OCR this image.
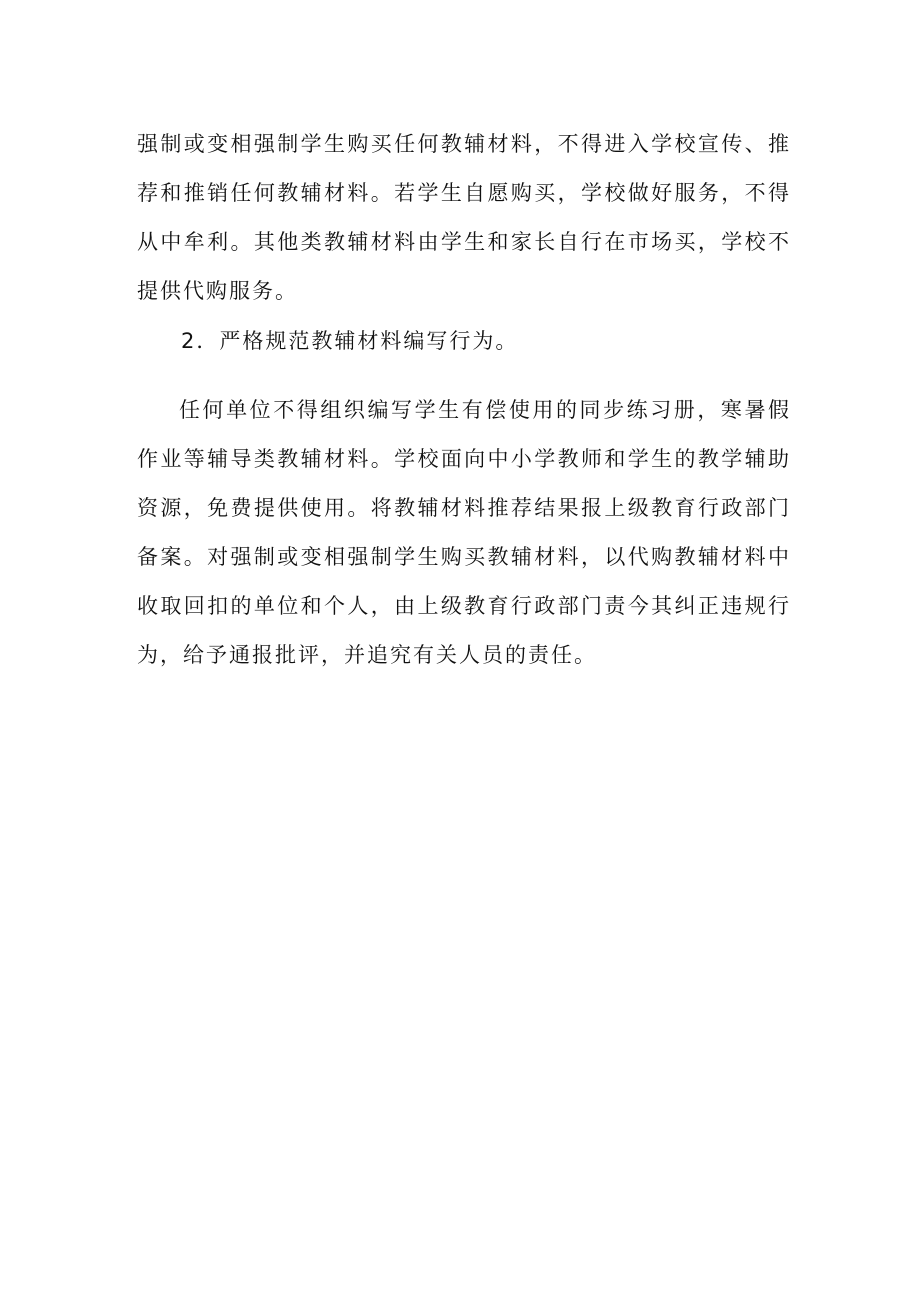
强制或变相强制学生购买任何教辅材料，不得进入学校宣传、推荐和推销任何教辅材料。若学生自愿购买，学校做好服务，不得从中牟利。其他类教辅材料由学生和家长自行在市场买，学校不提供代购服务。

2．严格规范教辅材料编写行为。

任何单位不得组织编写学生有偿使用的同步练习册，寒暑假作业等辅导类教辅材料。学校面向中小学教师和学生的教学辅助资源，免费提供使用。将教辅材料推荐结果报上级教育行政部门备案。对强制或变相强制学生购买教辅材料，以代购教辅材料中收取回扣的单位和个人，由上级教育行政部门责今其纠正违规行为，给予通报批评，并追究有关人员的责任。
